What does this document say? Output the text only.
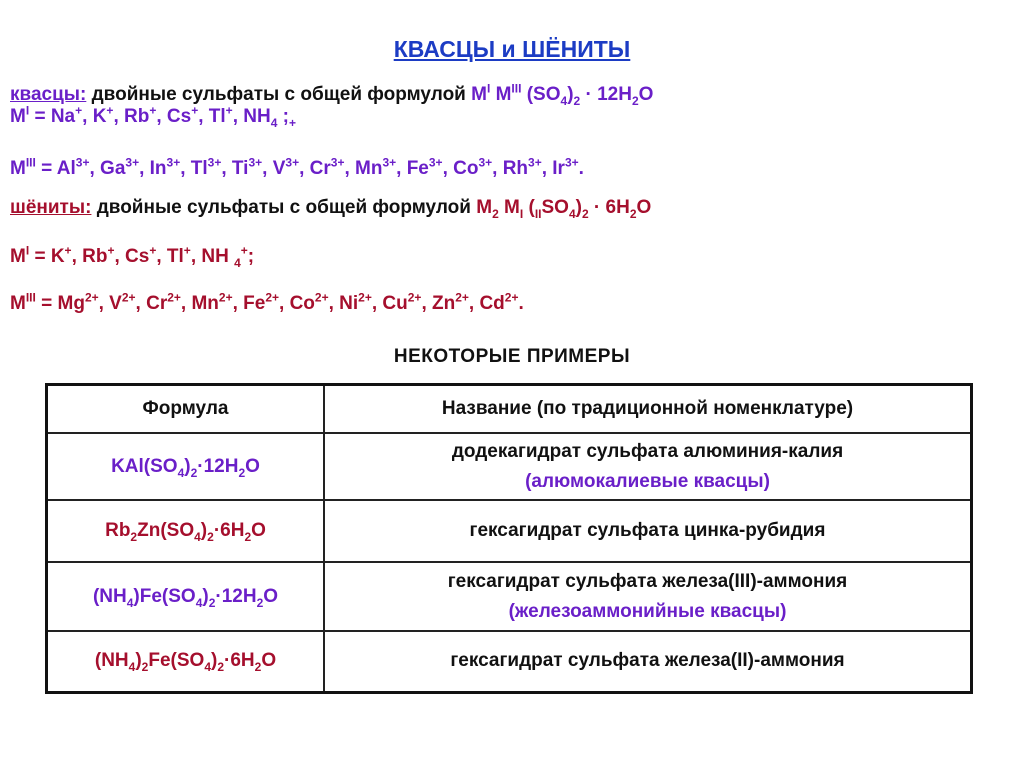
КВАСЦЫ и ШЁНИТЫ
квасцы: двойные сульфаты с общей формулой $M^I$ $M^{III}$ $(SO_4)_2 \cdot 12H_2O$
$M^I = Na^+$, K+, Rb+, Cs+, Tl+, $NH_4$ $;_+$
$M^{III} = Al^{3+}$, $Ga^{3+}$, $In^{3+}$, $Tl^{3+}$, $Ti^{3+}$, $V^{3+}$, $Cr^{3+}$, $Mn^{3+}$, $Fe^{3+}$, $Co^{3+}$, $Rh^{3+}$, $Ir^{3+}$.
шёниты: двойные сульфаты с общей формулой $M_2$ $M_I$ $(_{II}SO_4)_2 \cdot 6H_2O$
$M^I = K^+$, Rb+, Cs+, Tl+, NH $_4$+;
$M^{III} = Mg^{2+}$, $V^{2+}$, $Cr^{2+}$, $Mn^{2+}$, $Fe^{2+}$, $Co^{2+}$, $Ni^{2+}$, $Cu^{2+}$, $Zn^{2+}$, $Cd^{2+}$.
НЕКОТОРЫЕ ПРИМЕРЫ
Формула	Название (по традиционной номенклатуре)
$KAl(SO_4)_2\cdot 12H_2O$	додекагидрат сульфата алюминия-калия
(алюмокалиевые квасцы)

$Rb_2Zn(SO_4)_2\cdot 6H_2O$	гексагидрат сульфата цинка-рубидия

$(NH_4)Fe(SO_4)_2\cdot 12H_2O$	гексагидрат сульфата железа(III)-аммония
(железоаммонийные квасцы)

$(NH_4)_2Fe(SO_4)_2\cdot 6H_2O$	гексагидрат сульфата железа(II)-аммония
